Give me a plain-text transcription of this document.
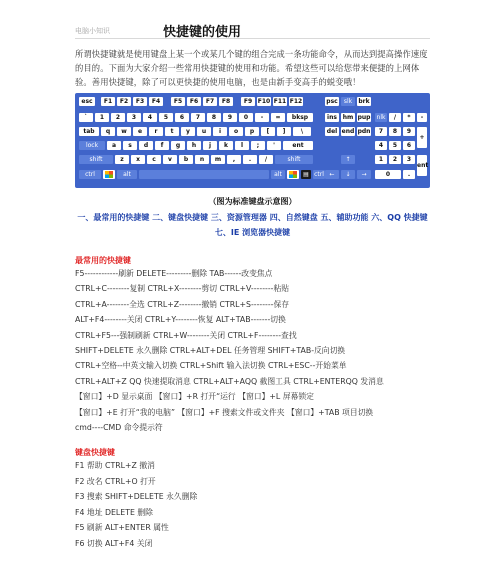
电脑小知识	快捷键的使用
所谓快捷键就是使用键盘上某一个或某几个键的组合完成一条功能命令，从而达到提高操作速度的目的。下面为大家介绍一些常用快捷键的使用和功能。希望这些可以给您带来便捷的上网体验。善用快捷键，除了可以更快捷的使用电脑，也是由新手变高手的蜕变哦！
esc	F1	F2	F3	F4	F5	F6	F7	F8	F9 F10 F11 F12	psc	slk	brk
`	1	2	3	4	5	6	7	8	9	0	-	=	bksp	ins hm pup nlk	/	*	-
tab	q	w	e	r	t	y	u	i	o	p	[	]	\	del end pdn	7	8	9
+
lock	a	s	d	f	g	h	j	k	l	;	'	ent	4	5	6
shift	z	x	c	v	b	n	m	,	.	/	shift	↑	1	2	3
ent
ctrl	alt	alt	▤ ctrl ←	↓	→	0	.
（图为标准键盘示意图）
一、最常用的快捷键 二、键盘快捷键 三、资源管理器 四、自然键盘 五、辅助功能 六、QQ 快捷键 七、IE 浏览器快捷键
最常用的快捷键
F5------------刷新 DELETE---------删除 TAB------改变焦点
CTRL+C--------复制 CTRL+X--------剪切 CTRL+V--------粘贴
CTRL+A--------全选 CTRL+Z--------撤销 CTRL+S--------保存
ALT+F4--------关闭 CTRL+Y--------恢复 ALT+TAB-------切换
CTRL+F5---强制刷新 CTRL+W--------关闭 CTRL+F--------查找
SHIFT+DELETE 永久删除 CTRL+ALT+DEL 任务管理 SHIFT+TAB-反向切换
CTRL+空格--中英文输入切换 CTRL+Shift 输入法切换 CTRL+ESC--开始菜单
CTRL+ALT+Z QQ 快速提取消息 CTRL+ALT+AQQ 截图工具 CTRL+ENTERQQ 发消息
【窗口】+D 显示桌面 【窗口】+R 打开“运行 【窗口】+L 屏幕锁定
【窗口】+E 打开“我的电脑” 【窗口】+F 搜索文件或文件夹 【窗口】+TAB 项目切换
cmd----CMD 命令提示符
键盘快捷键
F1 帮助 CTRL+Z 撤消
F2 改名 CTRL+O 打开
F3 搜索 SHIFT+DELETE 永久删除
F4 地址 DELETE 删除
F5 刷新 ALT+ENTER 属性
F6 切换 ALT+F4 关闭
